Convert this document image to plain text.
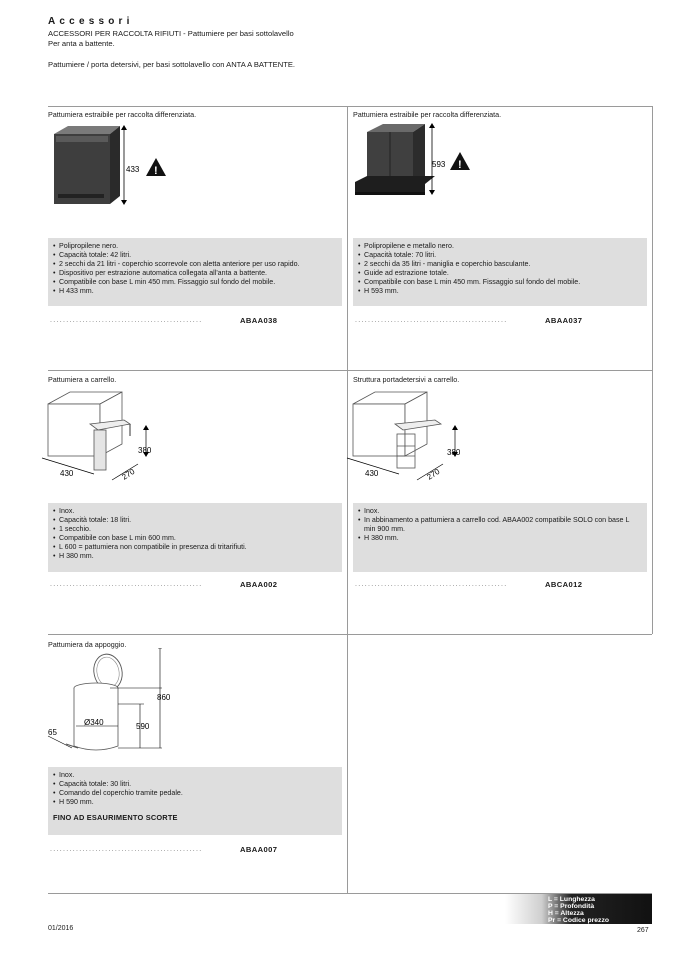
Accessori
ACCESSORI PER RACCOLTA RIFIUTI - Pattumiere per basi sottolavello
Per anta a battente.
Pattumiere / porta detersivi, per basi sottolavello con ANTA A BATTENTE.
Pattumiera estraibile per raccolta differenziata.
433 !
• Polipropilene nero.
• Capacità totale: 42 litri.
• 2 secchi da 21 litri - coperchio scorrevole con aletta anteriore per uso rapido.
• Dispositivo per estrazione automatica collegata all'anta a battente.
• Compatibile con base L min 450 mm. Fissaggio sul fondo del mobile.
• H 433 mm.
...............................................	ABAA038
Pattumiera estraibile per raccolta differenziata.
593 !
• Polipropilene e metallo nero.
• Capacità totale: 70 litri.
• 2 secchi da 35 litri - maniglia e coperchio basculante.
• Guide ad estrazione totale.
• Compatibile con base L min 450 mm. Fissaggio sul fondo del mobile.
• H 593 mm.
...............................................	ABAA037
Pattumiera a carrello.
380
430	270
• Inox.
• Capacità totale: 18 litri.
• 1 secchio.
• Compatibile con base L min 600 mm.
• L 600 = pattumiera non compatibile in presenza di tritarifiuti.
• H 380 mm.
...............................................	ABAA002
Struttura portadetersivi a carrello.
380
430	270
• Inox.
• In abbinamento a pattumiera a carrello cod. ABAA002 compatibile SOLO con base L min 900 mm.
• H 380 mm.
...............................................	ABCA012
Pattumiera da appoggio.
860
590
Ø340
65
• Inox.
• Capacità totale: 30 litri.
• Comando del coperchio tramite pedale.
• H 590 mm.
FINO AD ESAURIMENTO SCORTE
...............................................	ABAA007
L = Lunghezza
P = Profondità
H = Altezza
Pr = Codice prezzo
01/2016	267
